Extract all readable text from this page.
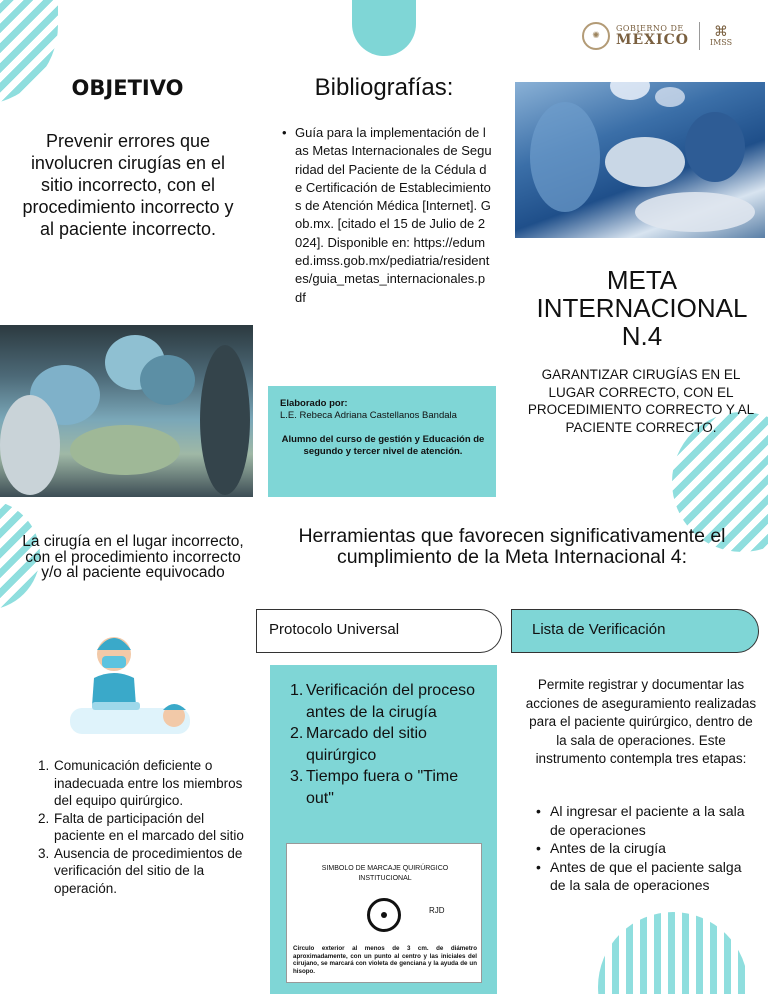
✺
GOBIERNO DE
MÉXICO ⌘
IMSS
OBJETIVO
Prevenir errores que involucren cirugías en el sitio incorrecto, con el procedimiento incorrecto y al paciente incorrecto.
Bibliografías:
• Guía para la implementación de las Metas Internacionales de Seguridad del Paciente de la Cédula de Certificación de Establecimientos de Atención Médica [Internet]. Gob.mx. [citado el 15 de Julio de 2024]. Disponible en: https://edumed.imss.gob.mx/pediatria/residentes/guia_metas_internacionales.pdf
META INTERNACIONAL N.4
GARANTIZAR CIRUGÍAS EN EL LUGAR CORRECTO, CON EL PROCEDIMIENTO CORRECTO Y AL PACIENTE CORRECTO.
Elaborado por:
L.E. Rebeca Adriana Castellanos Bandala
Alumno del curso de gestión y Educación de segundo y tercer nivel de atención.
La cirugía en el lugar incorrecto, con el procedimiento incorrecto y/o al paciente equivocado
1. Comunicación deficiente o inadecuada entre los miembros del equipo quirúrgico.
2. Falta de participación del paciente en el marcado del sitio
3. Ausencia de procedimientos de verificación del sitio de la operación.
Herramientas que favorecen significativamente el cumplimiento de la Meta Internacional 4:
Protocolo Universal	Lista de Verificación
1. Verificación del proceso antes de la cirugía
2. Marcado del sitio quirúrgico
3. Tiempo fuera o "Time out"
SIMBOLO DE MARCAJE QUIRÚRGICO INSTITUCIONAL
RJD
Circulo exterior al menos de 3 cm. de diámetro aproximadamente, con un punto al centro y las iniciales del cirujano, se marcará con violeta de genciana y la ayuda de un hisopo.
Permite registrar y documentar las acciones de aseguramiento realizadas para el paciente quirúrgico, dentro de la sala de operaciones. Este instrumento contempla tres etapas:
• Al ingresar el paciente a la sala de operaciones
• Antes de la cirugía
• Antes de que el paciente salga de la sala de operaciones
